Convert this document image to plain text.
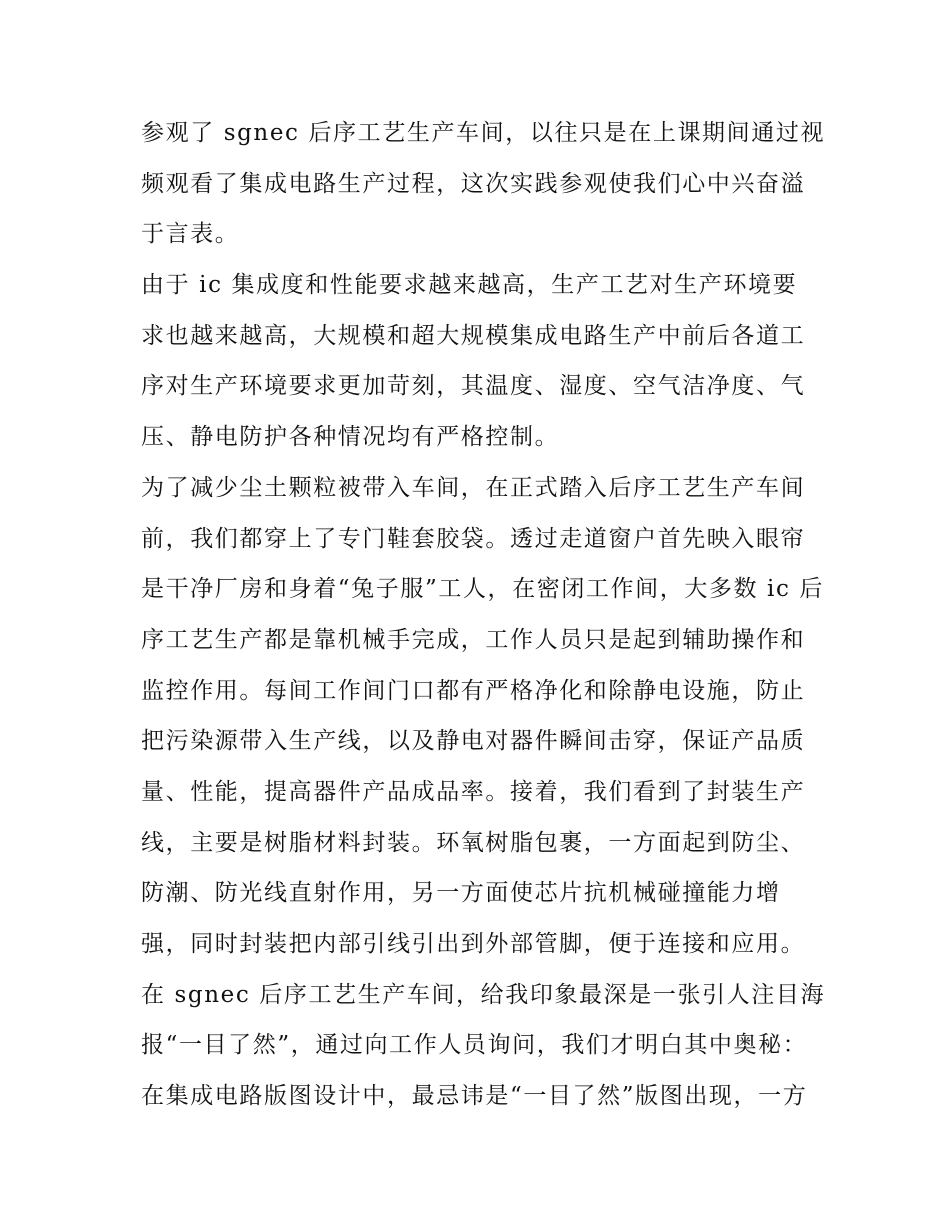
参观了 sgnec 后序工艺生产车间，以往只是在上课期间通过视
频观看了集成电路生产过程，这次实践参观使我们心中兴奋溢
于言表。
由于 ic 集成度和性能要求越来越高，生产工艺对生产环境要
求也越来越高，大规模和超大规模集成电路生产中前后各道工
序对生产环境要求更加苛刻，其温度、湿度、空气洁净度、气
压、静电防护各种情况均有严格控制。
为了减少尘土颗粒被带入车间，在正式踏入后序工艺生产车间
前，我们都穿上了专门鞋套胶袋。透过走道窗户首先映入眼帘
是干净厂房和身着“兔子服”工人，在密闭工作间，大多数 ic 后
序工艺生产都是靠机械手完成，工作人员只是起到辅助操作和
监控作用。每间工作间门口都有严格净化和除静电设施，防止
把污染源带入生产线，以及静电对器件瞬间击穿，保证产品质
量、性能，提高器件产品成品率。接着，我们看到了封装生产
线，主要是树脂材料封装。环氧树脂包裹，一方面起到防尘、
防潮、防光线直射作用，另一方面使芯片抗机械碰撞能力增
强，同时封装把内部引线引出到外部管脚，便于连接和应用。
在 sgnec 后序工艺生产车间，给我印象最深是一张引人注目海
报“一目了然”，通过向工作人员询问，我们才明白其中奥秘：
在集成电路版图设计中，最忌讳是“一目了然”版图出现，一方
